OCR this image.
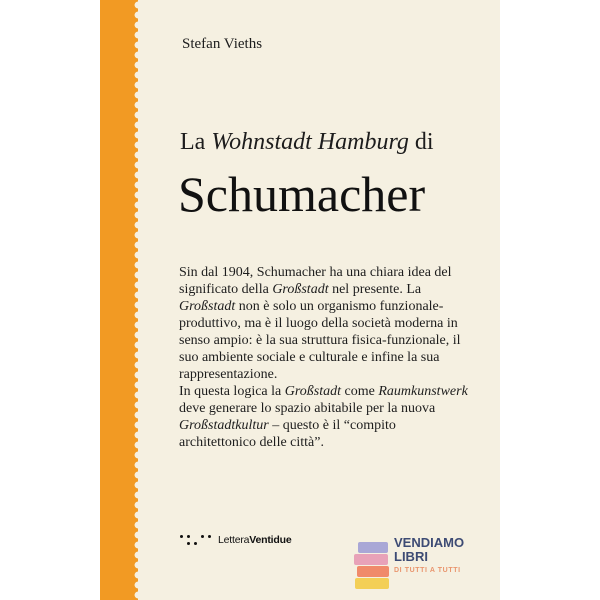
Stefan Vieths

La Wohnstadt Hamburg di

Schumacher

Sin dal 1904, Schumacher ha una chiara idea del significato della Großstadt nel presente. La Großstadt non è solo un organismo funzionale-produttivo, ma è il luogo della società moderna in senso ampio: è la sua struttura fisica-funzionale, il suo ambiente sociale e culturale e infine la sua rappresentazione.

In questa logica la Großstadt come Raumkunstwerk deve generare lo spazio abitabile per la nuova Großstadtkultur – questo è il “compito architettonico delle città”.

LetteraVentidue	VENDIAMO
LIBRI
DI TUTTI A TUTTI
